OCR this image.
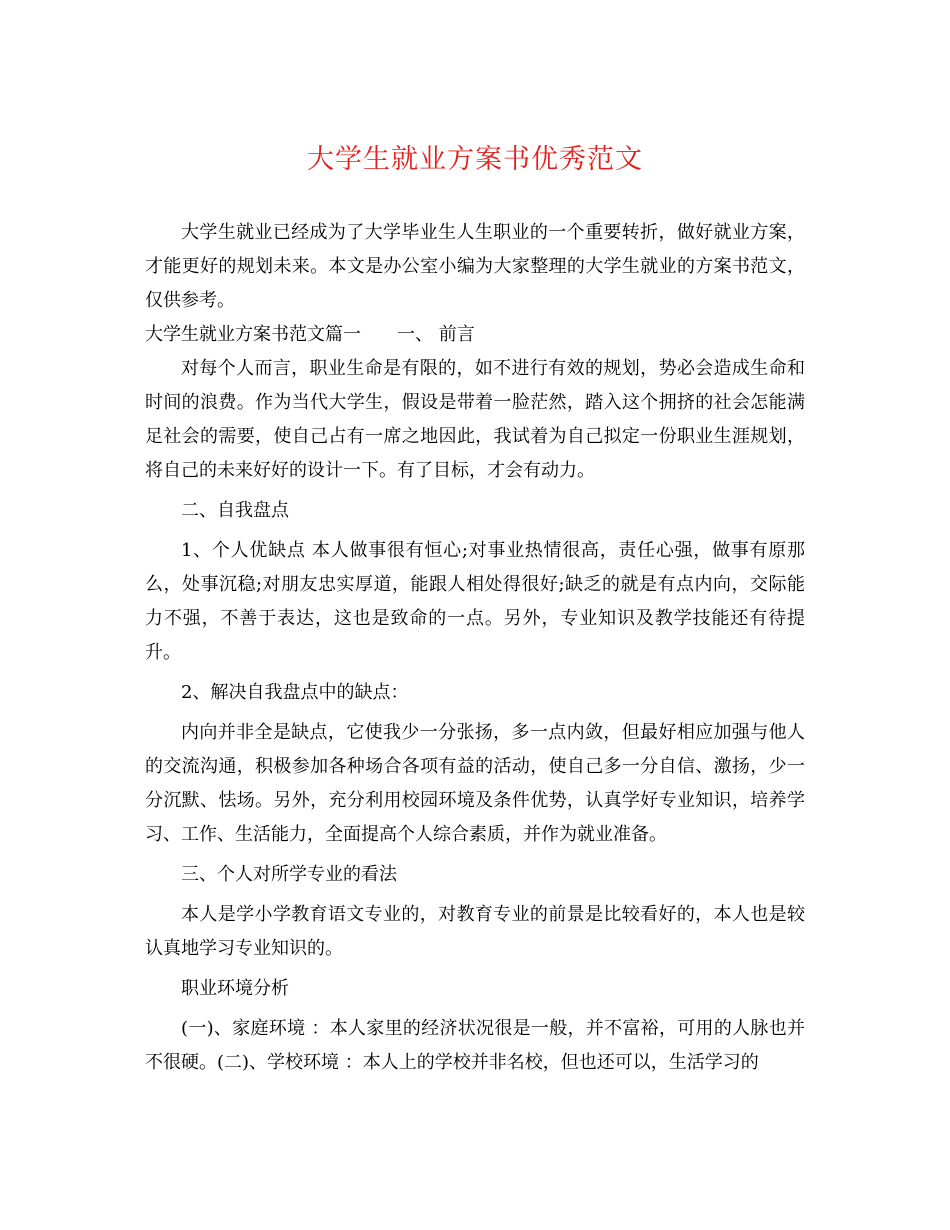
大学生就业方案书优秀范文

大学生就业已经成为了大学毕业生人生职业的一个重要转折，做好就业方案，才能更好的规划未来。本文是办公室小编为大家整理的大学生就业的方案书范文，仅供参考。

大学生就业方案书范文篇一　　一、 前言

对每个人而言，职业生命是有限的，如不进行有效的规划，势必会造成生命和时间的浪费。作为当代大学生，假设是带着一脸茫然，踏入这个拥挤的社会怎能满足社会的需要，使自己占有一席之地因此，我试着为自己拟定一份职业生涯规划，将自己的未来好好的设计一下。有了目标，才会有动力。

二、自我盘点

1、个人优缺点 本人做事很有恒心;对事业热情很高，责任心强，做事有原那么，处事沉稳;对朋友忠实厚道，能跟人相处得很好;缺乏的就是有点内向，交际能力不强，不善于表达，这也是致命的一点。另外，专业知识及教学技能还有待提升。

2、解决自我盘点中的缺点：

内向并非全是缺点，它使我少一分张扬，多一点内敛，但最好相应加强与他人的交流沟通，积极参加各种场合各项有益的活动，使自己多一分自信、激扬，少一分沉默、怯场。另外，充分利用校园环境及条件优势，认真学好专业知识，培养学习、工作、生活能力，全面提高个人综合素质，并作为就业准备。

三、个人对所学专业的看法

本人是学小学教育语文专业的，对教育专业的前景是比较看好的，本人也是较认真地学习专业知识的。

职业环境分析

(一)、家庭环境 ：本人家里的经济状况很是一般，并不富裕，可用的人脉也并不很硬。(二)、学校环境 ：本人上的学校并非名校，但也还可以，生活学习的
